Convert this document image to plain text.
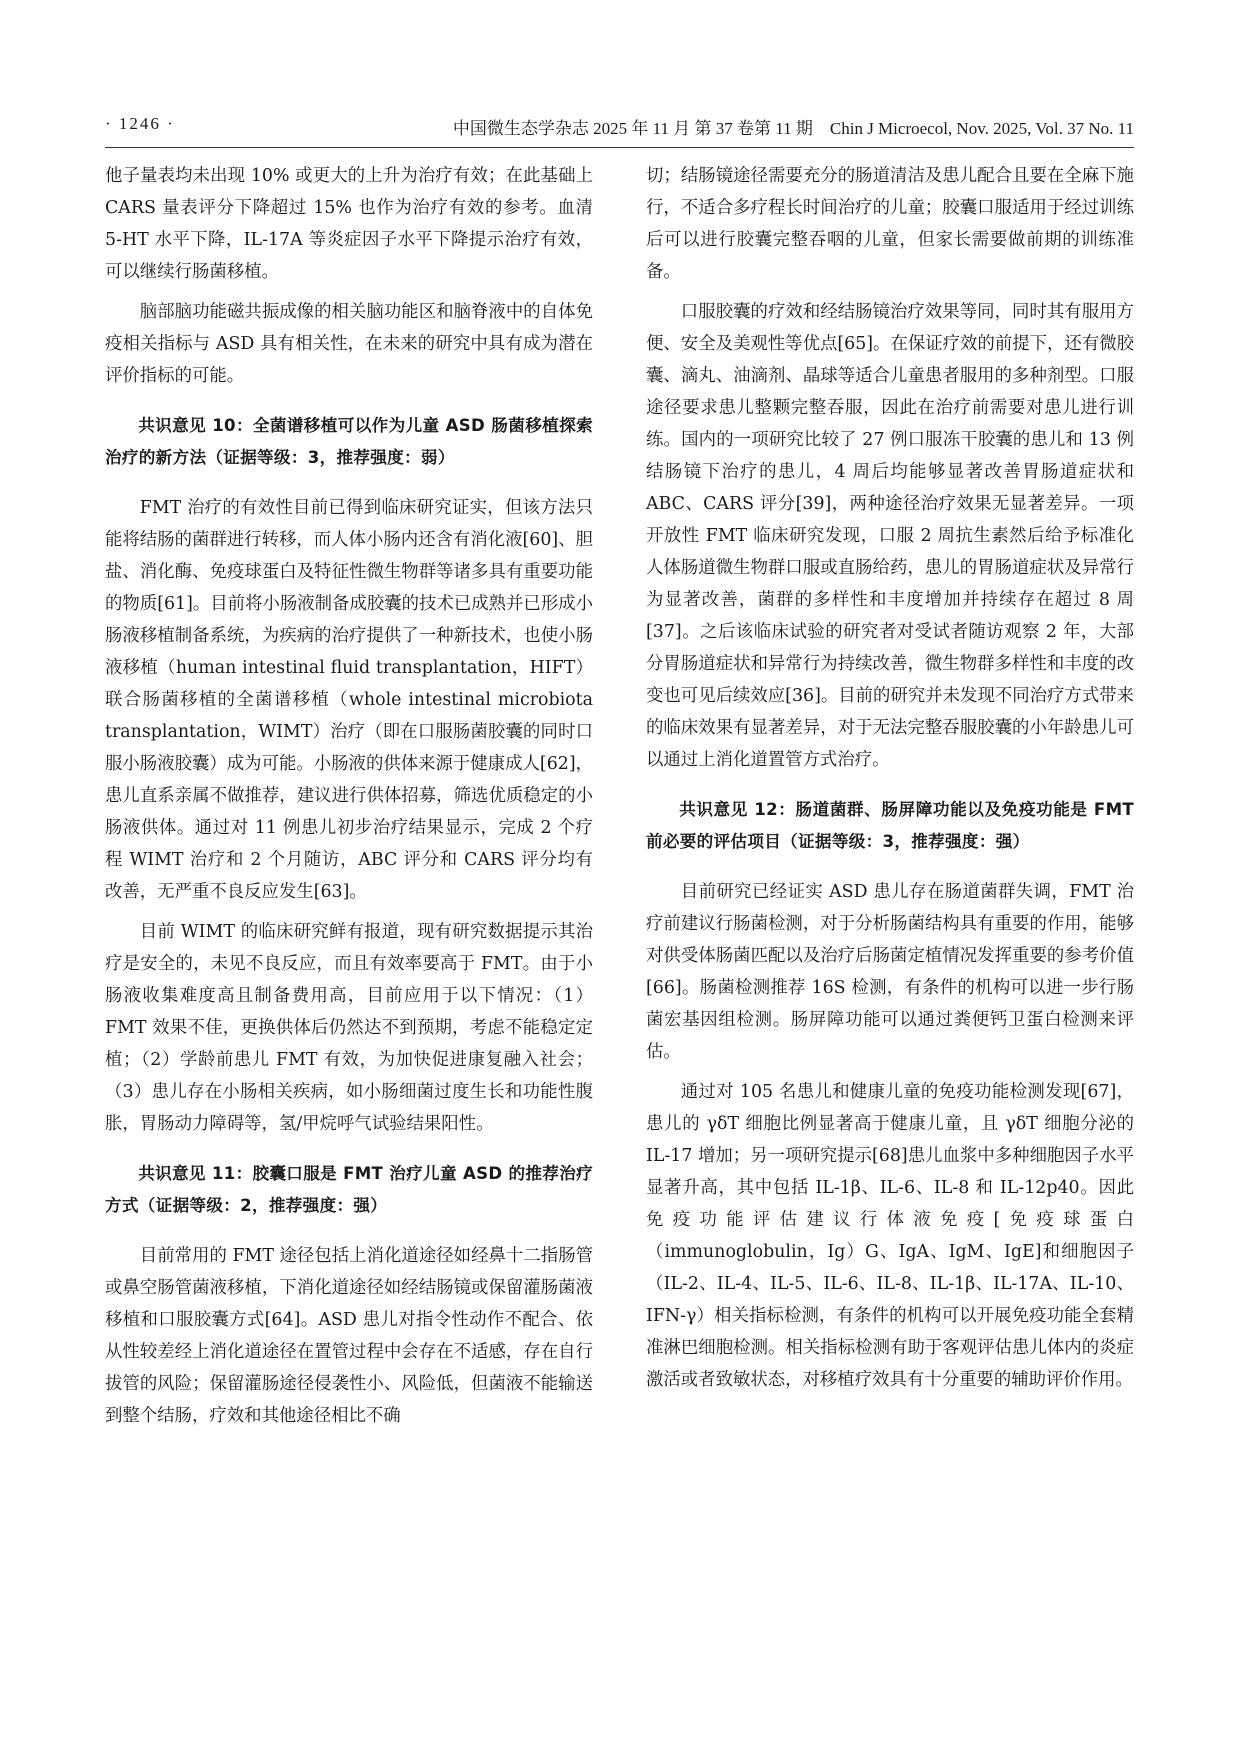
· 1246 ·	中国微生态学杂志 2025 年 11 月 第 37 卷第 11 期　Chin J Microecol, Nov. 2025, Vol. 37 No. 11

他子量表均未出现 10% 或更大的上升为治疗有效；在此基础上 CARS 量表评分下降超过 15% 也作为治疗有效的参考。血清 5-HT 水平下降，IL-17A 等炎症因子水平下降提示治疗有效，可以继续行肠菌移植。

脑部脑功能磁共振成像的相关脑功能区和脑脊液中的自体免疫相关指标与 ASD 具有相关性，在未来的研究中具有成为潜在评价指标的可能。

共识意见 10：全菌谱移植可以作为儿童 ASD 肠菌移植探索治疗的新方法（证据等级：3，推荐强度：弱）

FMT 治疗的有效性目前已得到临床研究证实，但该方法只能将结肠的菌群进行转移，而人体小肠内还含有消化液[60]、胆盐、消化酶、免疫球蛋白及特征性微生物群等诸多具有重要功能的物质[61]。目前将小肠液制备成胶囊的技术已成熟并已形成小肠液移植制备系统，为疾病的治疗提供了一种新技术，也使小肠液移植（human intestinal fluid transplantation，HIFT）联合肠菌移植的全菌谱移植（whole intestinal microbiota transplantation，WIMT）治疗（即在口服肠菌胶囊的同时口服小肠液胶囊）成为可能。小肠液的供体来源于健康成人[62]，患儿直系亲属不做推荐，建议进行供体招募，筛选优质稳定的小肠液供体。通过对 11 例患儿初步治疗结果显示，完成 2 个疗程 WIMT 治疗和 2 个月随访，ABC 评分和 CARS 评分均有改善，无严重不良反应发生[63]。

目前 WIMT 的临床研究鲜有报道，现有研究数据提示其治疗是安全的，未见不良反应，而且有效率要高于 FMT。由于小肠液收集难度高且制备费用高，目前应用于以下情况：（1）FMT 效果不佳，更换供体后仍然达不到预期，考虑不能稳定定植；（2）学龄前患儿 FMT 有效，为加快促进康复融入社会；（3）患儿存在小肠相关疾病，如小肠细菌过度生长和功能性腹胀，胃肠动力障碍等，氢/甲烷呼气试验结果阳性。

共识意见 11：胶囊口服是 FMT 治疗儿童 ASD 的推荐治疗方式（证据等级：2，推荐强度：强）

目前常用的 FMT 途径包括上消化道途径如经鼻十二指肠管或鼻空肠管菌液移植，下消化道途径如经结肠镜或保留灌肠菌液移植和口服胶囊方式[64]。ASD 患儿对指令性动作不配合、依从性较差经上消化道途径在置管过程中会存在不适感，存在自行拔管的风险；保留灌肠途径侵袭性小、风险低，但菌液不能输送到整个结肠，疗效和其他途径相比不确

切；结肠镜途径需要充分的肠道清洁及患儿配合且要在全麻下施行，不适合多疗程长时间治疗的儿童；胶囊口服适用于经过训练后可以进行胶囊完整吞咽的儿童，但家长需要做前期的训练准备。

口服胶囊的疗效和经结肠镜治疗效果等同，同时其有服用方便、安全及美观性等优点[65]。在保证疗效的前提下，还有微胶囊、滴丸、油滴剂、晶球等适合儿童患者服用的多种剂型。口服途径要求患儿整颗完整吞服，因此在治疗前需要对患儿进行训练。国内的一项研究比较了 27 例口服冻干胶囊的患儿和 13 例结肠镜下治疗的患儿，4 周后均能够显著改善胃肠道症状和 ABC、CARS 评分[39]，两种途径治疗效果无显著差异。一项开放性 FMT 临床研究发现，口服 2 周抗生素然后给予标准化人体肠道微生物群口服或直肠给药，患儿的胃肠道症状及异常行为显著改善，菌群的多样性和丰度增加并持续存在超过 8 周[37]。之后该临床试验的研究者对受试者随访观察 2 年，大部分胃肠道症状和异常行为持续改善，微生物群多样性和丰度的改变也可见后续效应[36]。目前的研究并未发现不同治疗方式带来的临床效果有显著差异，对于无法完整吞服胶囊的小年龄患儿可以通过上消化道置管方式治疗。

共识意见 12：肠道菌群、肠屏障功能以及免疫功能是 FMT 前必要的评估项目（证据等级：3，推荐强度：强）

目前研究已经证实 ASD 患儿存在肠道菌群失调，FMT 治疗前建议行肠菌检测，对于分析肠菌结构具有重要的作用，能够对供受体肠菌匹配以及治疗后肠菌定植情况发挥重要的参考价值[66]。肠菌检测推荐 16S 检测，有条件的机构可以进一步行肠菌宏基因组检测。肠屏障功能可以通过粪便钙卫蛋白检测来评估。

通过对 105 名患儿和健康儿童的免疫功能检测发现[67]，患儿的 γδT 细胞比例显著高于健康儿童，且 γδT 细胞分泌的 IL-17 增加；另一项研究提示[68]患儿血浆中多种细胞因子水平显著升高，其中包括 IL-1β、IL-6、IL-8 和 IL-12p40。因此免疫功能评估建议行体液免疫[免疫球蛋白（immunoglobulin，Ig）G、IgA、IgM、IgE]和细胞因子（IL-2、IL-4、IL-5、IL-6、IL-8、IL-1β、IL-17A、IL-10、IFN-γ）相关指标检测，有条件的机构可以开展免疫功能全套精准淋巴细胞检测。相关指标检测有助于客观评估患儿体内的炎症激活或者致敏状态，对移植疗效具有十分重要的辅助评价作用。
